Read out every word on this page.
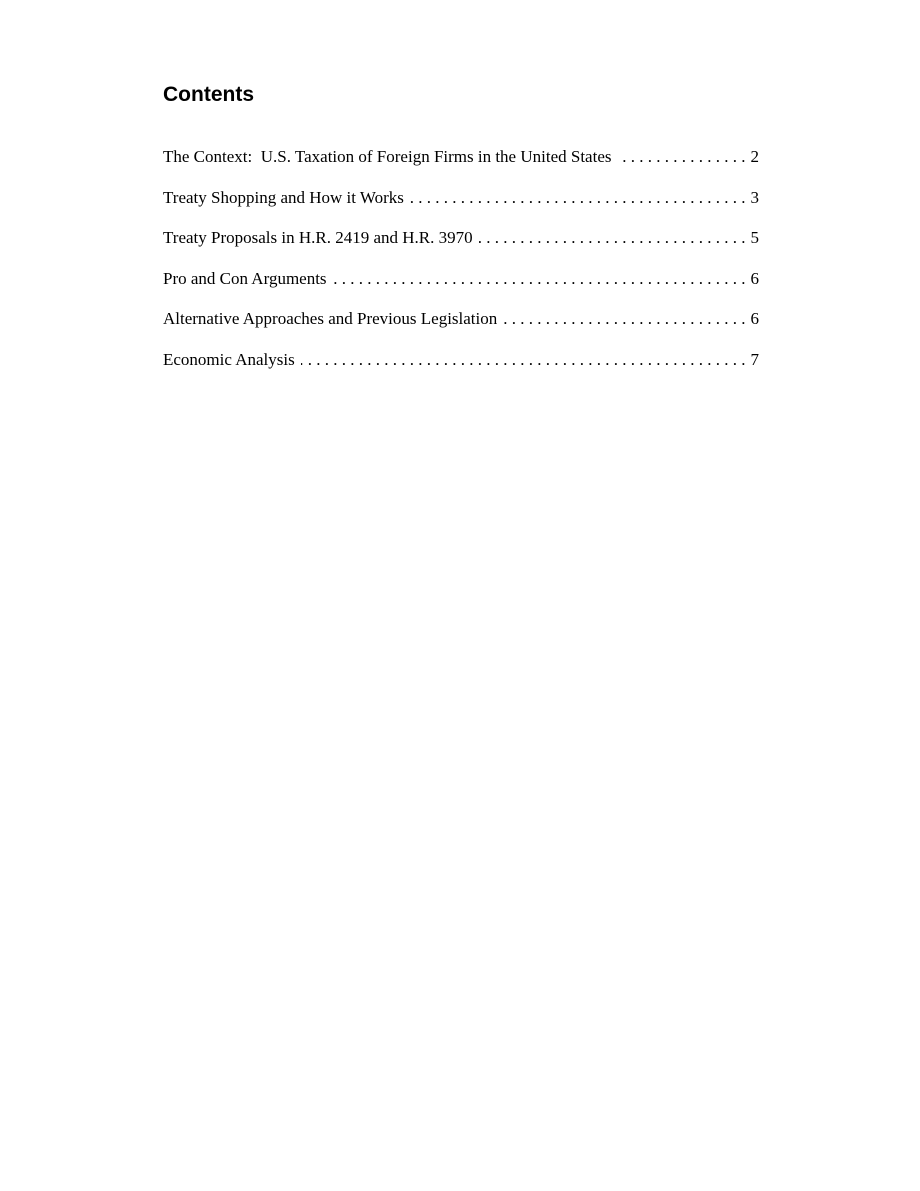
Contents
The Context:  U.S. Taxation of Foreign Firms in the United States . . .	2
Treaty Shopping and How it Works . . .	3
Treaty Proposals in H.R. 2419 and H.R. 3970 . . .	5
Pro and Con Arguments . . .	6
Alternative Approaches and Previous Legislation . . .	6
Economic Analysis . . .	7
